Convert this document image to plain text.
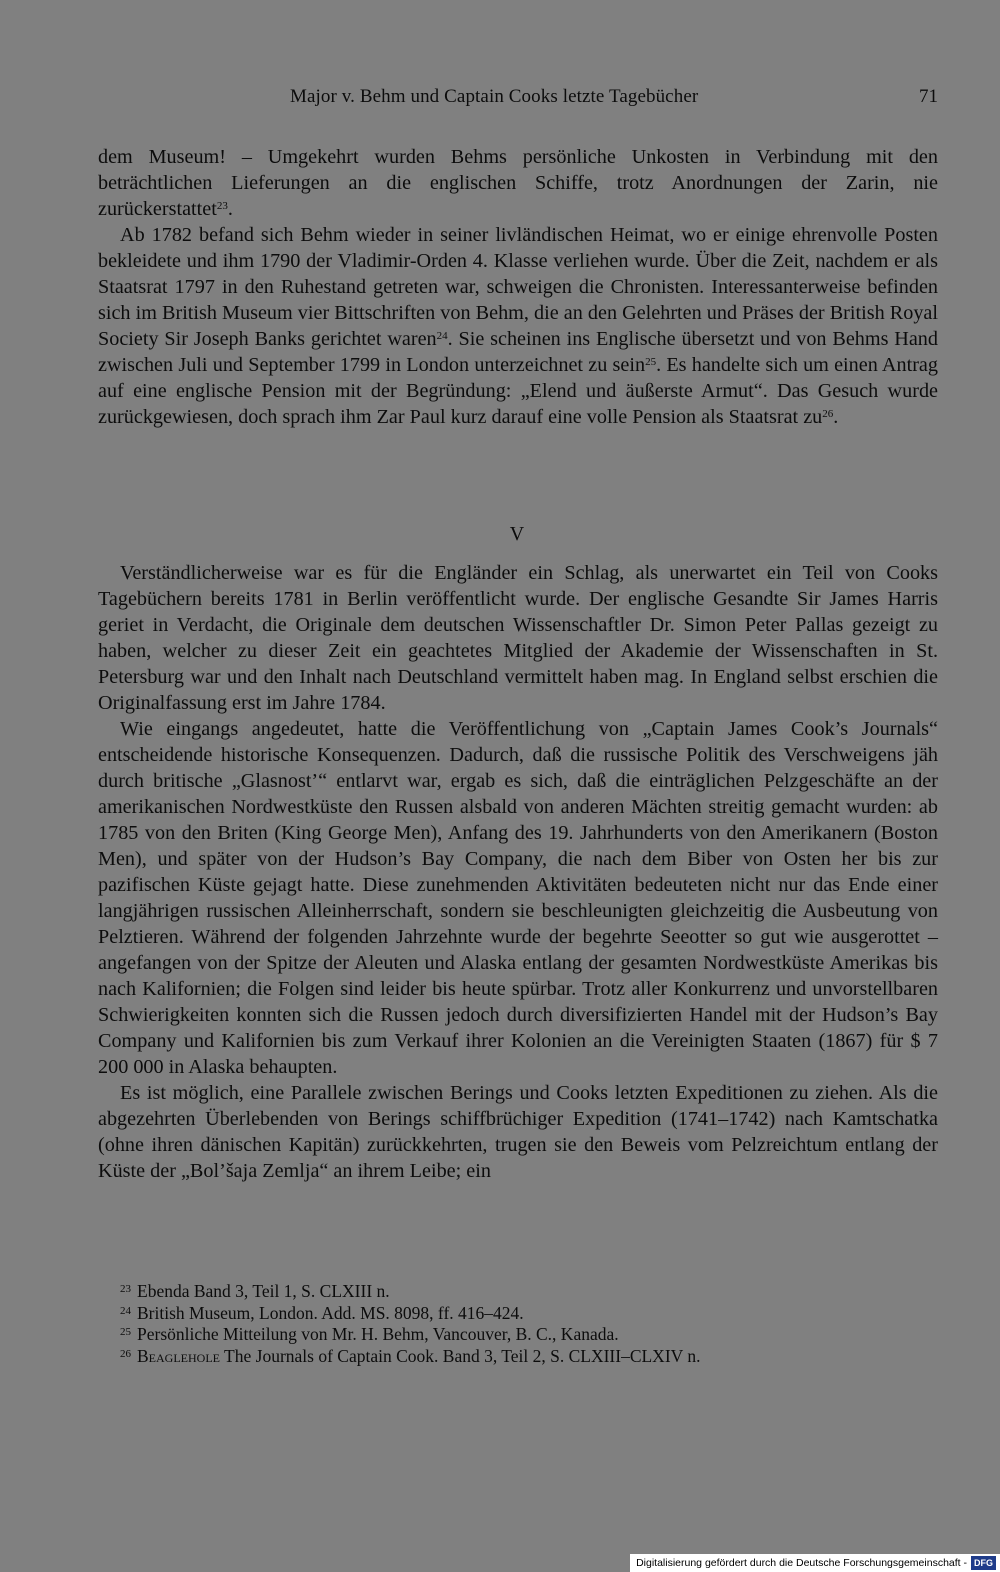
Major v. Behm und Captain Cooks letzte Tagebücher	71

dem Museum! – Umgekehrt wurden Behms persönliche Unkosten in Verbindung mit den beträchtlichen Lieferungen an die englischen Schiffe, trotz Anordnungen der Zarin, nie zurückerstattet$^{23}$.

Ab 1782 befand sich Behm wieder in seiner livländischen Heimat, wo er einige ehrenvolle Posten bekleidete und ihm 1790 der Vladimir-Orden 4. Klasse verliehen wurde. Über die Zeit, nachdem er als Staatsrat 1797 in den Ruhestand getreten war, schweigen die Chronisten. Interessanterweise befinden sich im British Museum vier Bittschriften von Behm, die an den Gelehrten und Präses der British Royal Society Sir Joseph Banks gerichtet waren$^{24}$. Sie scheinen ins Englische übersetzt und von Behms Hand zwischen Juli und September 1799 in London unterzeichnet zu sein$^{25}$. Es handelte sich um einen Antrag auf eine englische Pension mit der Begründung: „Elend und äußerste Armut“. Das Gesuch wurde zurückgewiesen, doch sprach ihm Zar Paul kurz darauf eine volle Pension als Staatsrat $zu^{26}$.

V

Verständlicherweise war es für die Engländer ein Schlag, als unerwartet ein Teil von Cooks Tagebüchern bereits 1781 in Berlin veröffentlicht wurde. Der englische Gesandte Sir James Harris geriet in Verdacht, die Originale dem deutschen Wissenschaftler Dr. Simon Peter Pallas gezeigt zu haben, welcher zu dieser Zeit ein geachtetes Mitglied der Akademie der Wissenschaften in St. Petersburg war und den Inhalt nach Deutschland vermittelt haben mag. In England selbst erschien die Originalfassung erst im Jahre 1784.

Wie eingangs angedeutet, hatte die Veröffentlichung von „Captain James Cook’s Journals“ entscheidende historische Konsequenzen. Dadurch, daß die russische Politik des Verschweigens jäh durch britische „Glasnost’“ entlarvt war, ergab es sich, daß die einträglichen Pelzgeschäfte an der amerikanischen Nordwestküste den Russen alsbald von anderen Mächten streitig gemacht wurden: ab 1785 von den Briten (King George Men), Anfang des 19. Jahrhunderts von den Amerikanern (Boston Men), und später von der Hudson’s Bay Company, die nach dem Biber von Osten her bis zur pazifischen Küste gejagt hatte. Diese zunehmenden Aktivitäten bedeuteten nicht nur das Ende einer langjährigen russischen Alleinherrschaft, sondern sie beschleunigten gleichzeitig die Ausbeutung von Pelztieren. Während der folgenden Jahrzehnte wurde der begehrte Seeotter so gut wie ausgerottet – angefangen von der Spitze der Aleuten und Alaska entlang der gesamten Nordwestküste Amerikas bis nach Kalifornien; die Folgen sind leider bis heute spürbar. Trotz aller Konkurrenz und unvorstellbaren Schwierigkeiten konnten sich die Russen jedoch durch diversifizierten Handel mit der Hudson’s Bay Company und Kalifornien bis zum Verkauf ihrer Kolonien an die Vereinigten Staaten (1867) für $ 7 200 000 in Alaska behaupten.

Es ist möglich, eine Parallele zwischen Berings und Cooks letzten Expeditionen zu ziehen. Als die abgezehrten Überlebenden von Berings schiffbrüchiger Expedition (1741–1742) nach Kamtschatka (ohne ihren dänischen Kapitän) zurückkehrten, trugen sie den Beweis vom Pelzreichtum entlang der Küste der „Bol’šaja Zemlja“ an ihrem Leibe; ein

$^{23}$ Ebenda Band 3, Teil 1, S. CLXIII n.

$^{24}$ British Museum, London. Add. MS. 8098, ff. 416–424.

$^{25}$ Persönliche Mitteilung von Mr. H. Behm, Vancouver, B. C., Kanada.

$^{26}$ Beaglehole The Journals of Captain Cook. Band 3, Teil 2, S. CLXIII–CLXIV n.

Digitalisierung gefördert durch die Deutsche Forschungsgemeinschaft - DFG
